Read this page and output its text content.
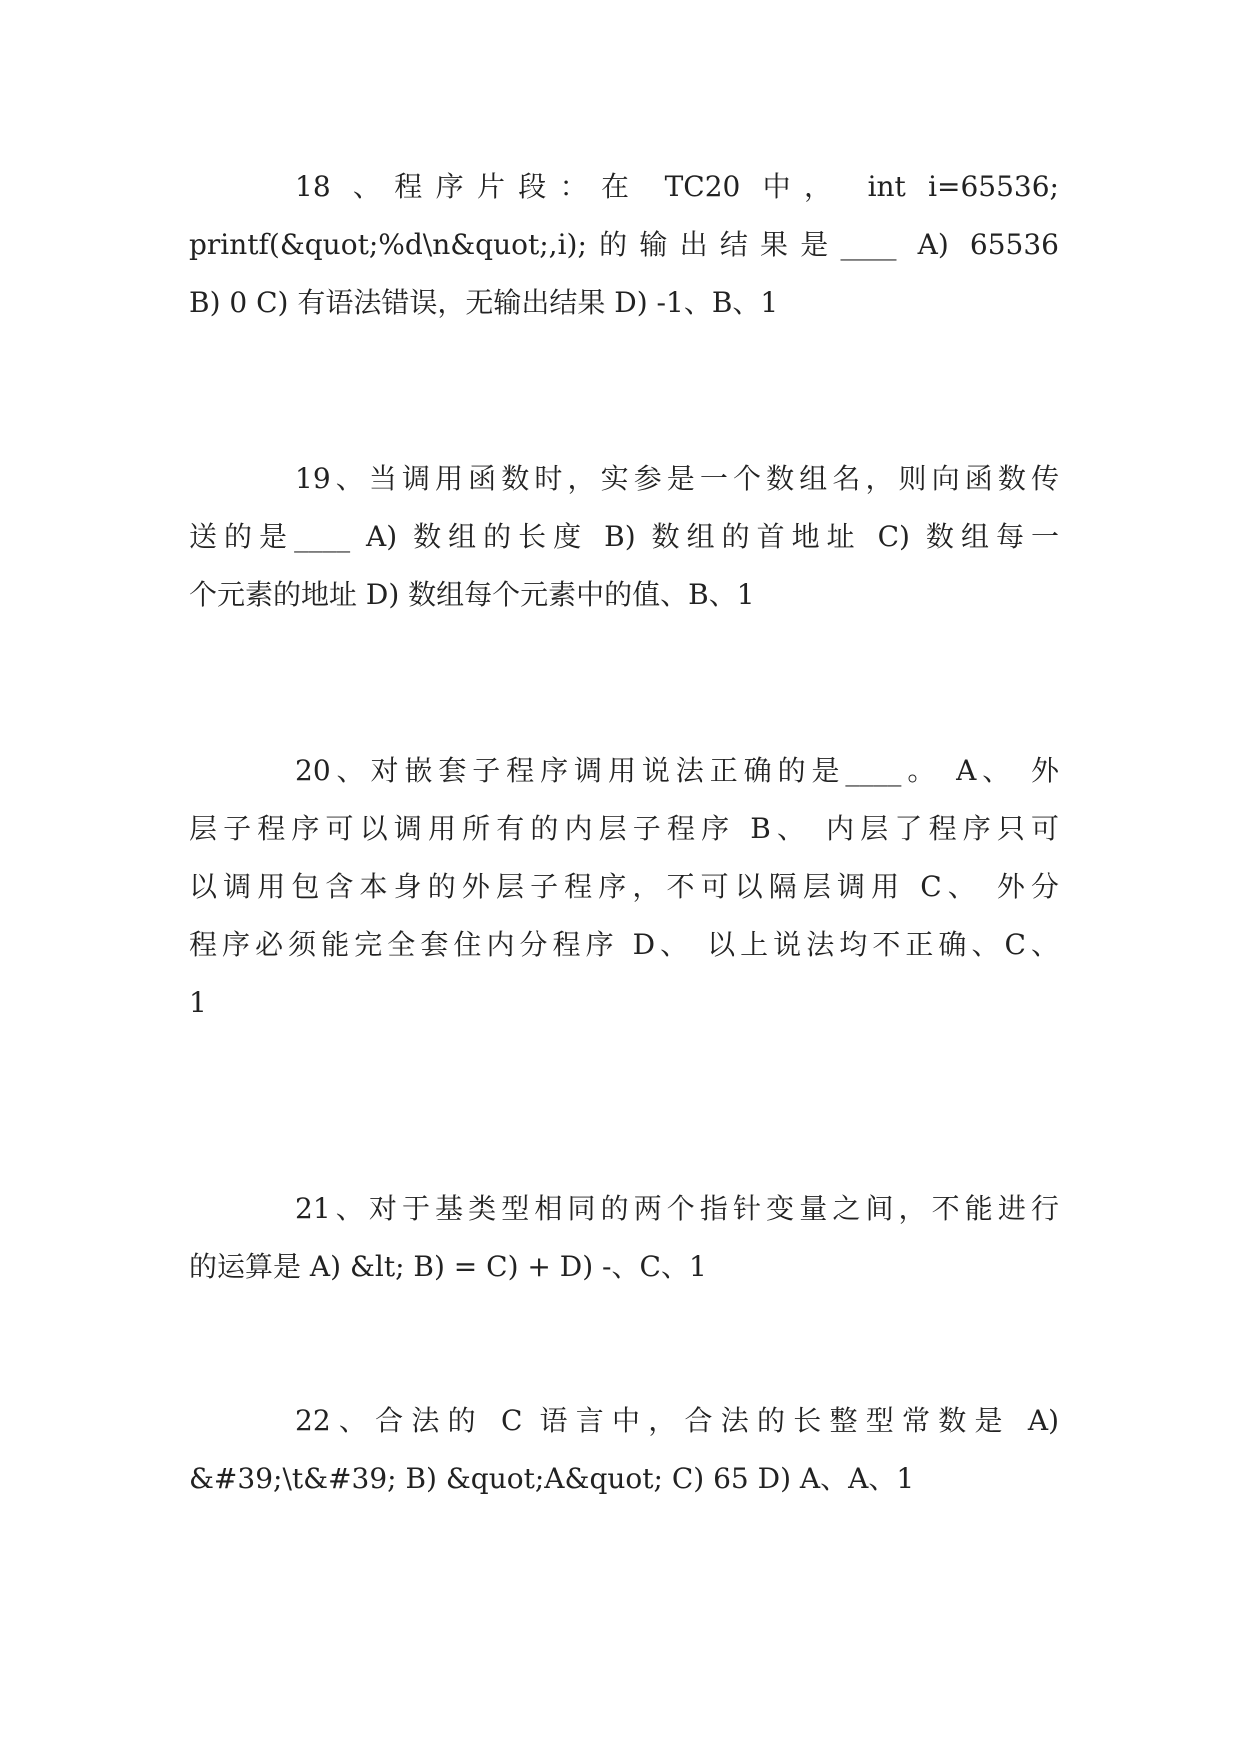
18 、程序片段：在 TC20 中， int i=65536;
printf(&quot;%d\n&quot;,i);的输出结果是____ A) 65536
B) 0 C) 有语法错误，无输出结果 D) -1、B、1
19、当调用函数时，实参是一个数组名，则向函数传
送的是____ A) 数组的长度 B) 数组的首地址 C) 数组每一
个元素的地址 D) 数组每个元素中的值、B、1
20、对嵌套子程序调用说法正确的是____。 A、 外
层子程序可以调用所有的内层子程序 B、 内层了程序只可
以调用包含本身的外层子程序，不可以隔层调用 C、 外分
程序必须能完全套住内分程序 D、 以上说法均不正确、C、
1
21、对于基类型相同的两个指针变量之间，不能进行
的运算是 A) &lt; B) = C) + D) -、C、1
22、合法的 C 语言中，合法的长整型常数是 A)
&#39;\t&#39; B) &quot;A&quot; C) 65 D) A、A、1
